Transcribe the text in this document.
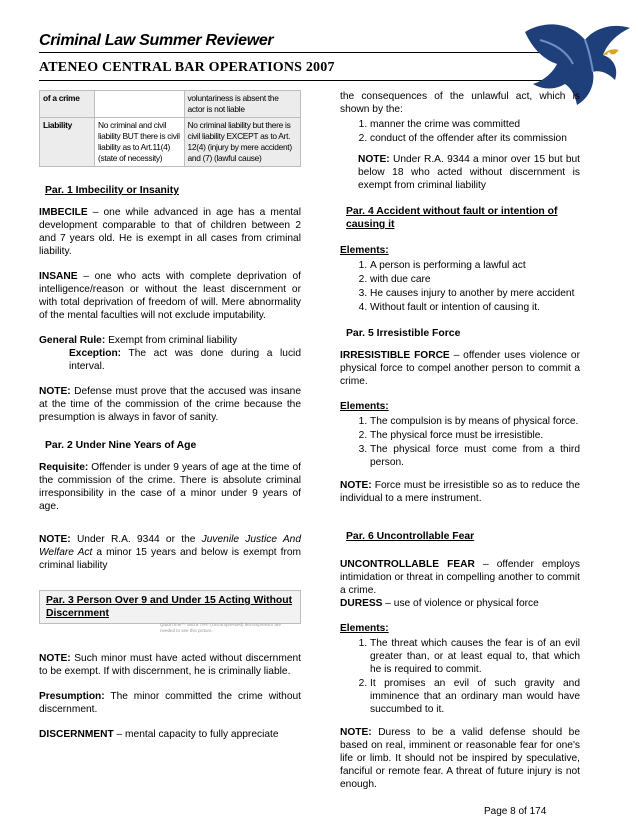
Criminal Law Summer Reviewer
ATENEO CENTRAL BAR OPERATIONS 2007
of a crime		voluntariness is absent the actor is not liable
Liability	No criminal and civil liability BUT there is civil liability as to Art.11(4) (state of necessity)	No criminal liability but there is civil liability EXCEPT as to Art. 12(4) (injury by mere accident) and (7) (lawful cause)
Par. 1 Imbecility or Insanity

IMBECILE – one while advanced in age has a mental development comparable to that of children between 2 and 7 years old. He is exempt in all cases from criminal liability.

INSANE – one who acts with complete deprivation of intelligence/reason or without the least discernment or with total deprivation of freedom of will. Mere abnormality of the mental faculties will not exclude imputability.

General Rule: Exempt from criminal liability

Exception: The act was done during a lucid interval.

NOTE: Defense must prove that the accused was insane at the time of the commission of the crime because the presumption is always in favor of sanity.

Par. 2 Under Nine Years of Age

Requisite: Offender is under 9 years of age at the time of the commission of the crime. There is absolute criminal irresponsibility in the case of a minor under 9 years of age.

NOTE: Under R.A. 9344 or the Juvenile Justice And Welfare Act a minor 15 years and below is exempt from criminal liability

Par. 3 Person Over 9 and Under 15 Acting Without Discernment

NOTE: Such minor must have acted without discernment to be exempt. If with discernment, he is criminally liable.

Presumption: The minor committed the crime without discernment.

DISCERNMENT – mental capacity to fully appreciate

QuickTime™ and a TIFF (Uncompressed) decompressor are needed to see this picture.

the consequences of the unlawful act, which is shown by the:

1. manner the crime was committed
2. conduct of the offender after its commission

NOTE: Under R.A. 9344 a minor over 15 but but below 18 who acted without discernment is exempt from criminal liability

Par. 4 Accident without fault or intention of causing it

Elements:

1. A person is performing a lawful act
2. with due care
3. He causes injury to another by mere accident
4. Without fault or intention of causing it.
Par. 5 Irresistible Force

IRRESISTIBLE FORCE – offender uses violence or physical force to compel another person to commit a crime.

Elements:

1. The compulsion is by means of physical force.
2. The physical force must be irresistible.
3. The physical force must come from a third person.

NOTE: Force must be irresistible so as to reduce the individual to a mere instrument.

Par. 6 Uncontrollable Fear

UNCONTROLLABLE FEAR – offender employs intimidation or threat in compelling another to commit a crime.

DURESS – use of violence or physical force

Elements:

1. The threat which causes the fear is of an evil greater than, or at least equal to, that which he is required to commit.
2. It promises an evil of such gravity and imminence that an ordinary man would have succumbed to it.

NOTE: Duress to be a valid defense should be based on real, imminent or reasonable fear for one's life or limb. It should not be inspired by speculative, fanciful or remote fear. A threat of future injury is not enough.

Page 8 of 174
